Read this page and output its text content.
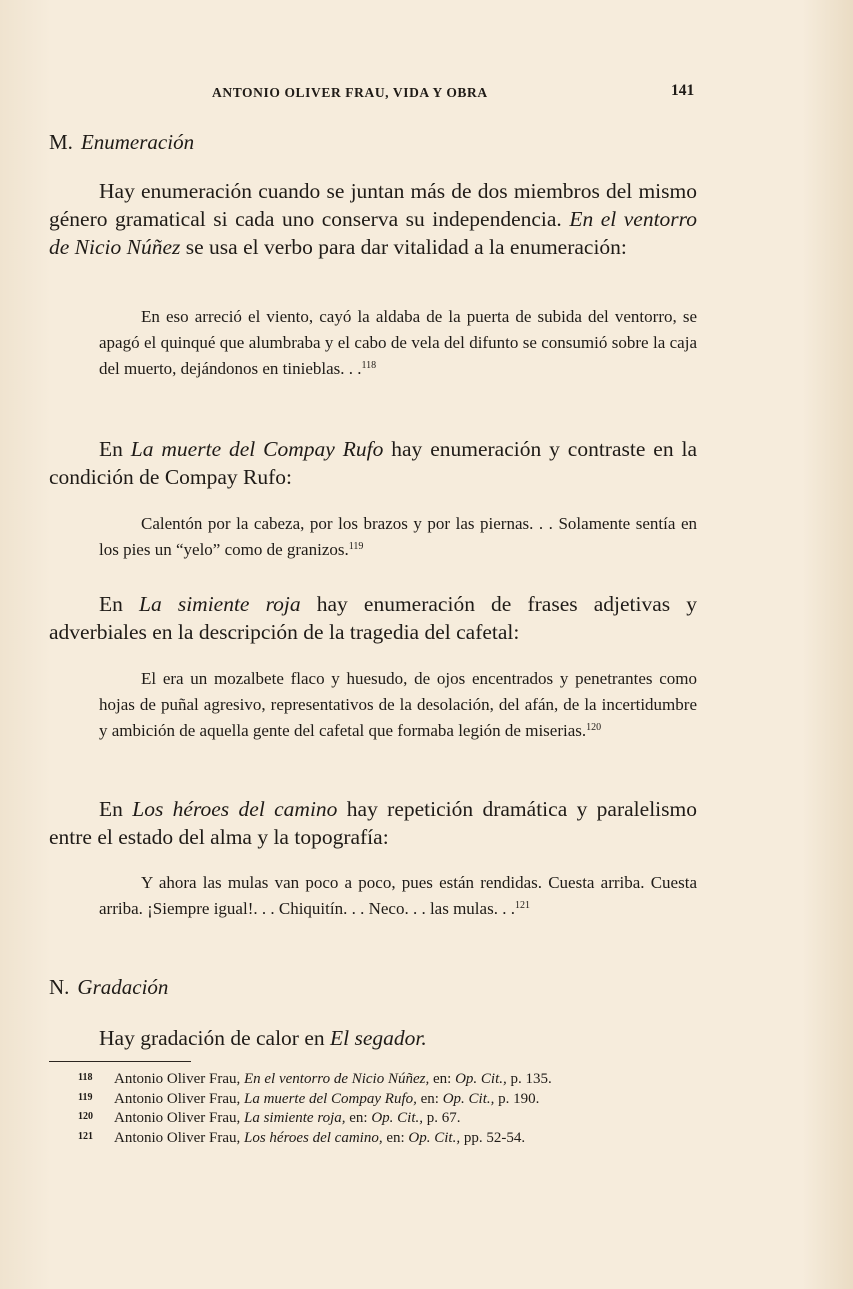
ANTONIO OLIVER FRAU, VIDA Y OBRA	141
M. Enumeración

Hay enumeración cuando se juntan más de dos miembros del mismo género gramatical si cada uno conserva su independencia. En el ventorro de Nicio Núñez se usa el verbo para dar vitalidad a la enumeración:

En eso arreció el viento, cayó la aldaba de la puerta de subida del ventorro, se apagó el quinqué que alumbraba y el cabo de vela del difunto se consumió sobre la caja del muerto, dejándonos en tinieblas. . .$^{118}$

En La muerte del Compay Rufo hay enumeración y contraste en la condición de Compay Rufo:

Calentón por la cabeza, por los brazos y por las piernas. . . Solamente sentía en los pies un “yelo” como de granizos.$^{119}$

En La simiente roja hay enumeración de frases adjetivas y adverbiales en la descripción de la tragedia del cafetal:

El era un mozalbete flaco y huesudo, de ojos encentrados y penetrantes como hojas de puñal agresivo, representativos de la desolación, del afán, de la incertidumbre y ambición de aquella gente del cafetal que formaba legión de miserias.$^{120}$

En Los héroes del camino hay repetición dramática y paralelismo entre el estado del alma y la topografía:

Y ahora las mulas van poco a poco, pues están rendidas. Cuesta arriba. Cuesta arriba. ¡Siempre igual!. . . Chiquitín. . . Neco. . . las mulas. . .$^{121}$

N. Gradación

Hay gradación de calor en El segador.

118 Antonio Oliver Frau, En el ventorro de Nicio Núñez, en: Op. Cit., p. 135.
119 Antonio Oliver Frau, La muerte del Compay Rufo, en: Op. Cit., p. 190.
120 Antonio Oliver Frau, La simiente roja, en: Op. Cit., p. 67.
121 Antonio Oliver Frau, Los héroes del camino, en: Op. Cit., pp. 52-54.
